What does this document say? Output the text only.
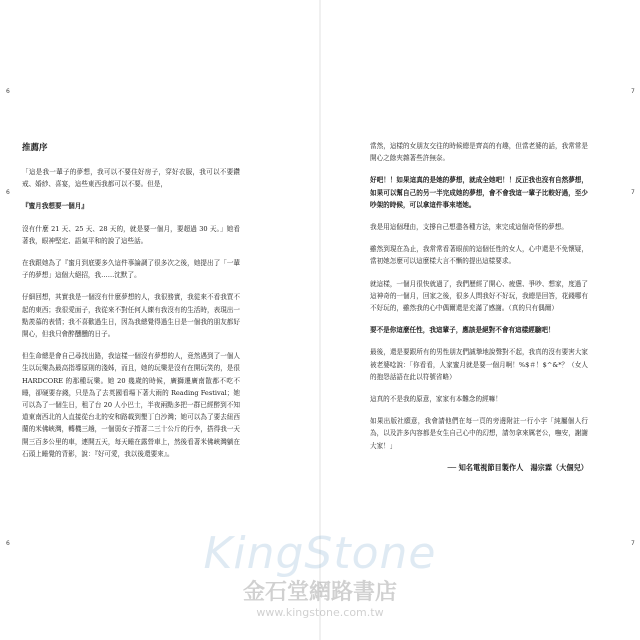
6
6
6
7
7
7
推薦序
「這是我一輩子的夢想，我可以不要住好房子，穿好衣服，我可以不要鑽戒、婚紗、喜宴，這些東西我都可以不要。但是，
『蜜月我想要一個月』
沒有什麼 21 天、25 天、28 天的，就是要一個月，要超過 30 天。」她看著我，眼神堅定、語氣平和的說了這些話。
在我跟她為了『蜜月到底要多久這件事論調了很多次之後，她提出了「一輩子的夢想」這個大絕招，我……沈默了。
仔細回想，其實我是一個沒有什麼夢想的人，我很務實，我從來不看我買不起的東西；我很愛面子，我從來不對任何人練有我沒有的生活時，表現出一點羨慕的表情；我不喜歡過生日，因為我總覺得過生日是一個我的朋友都好開心，但我只會醉醺醺的日子。
但生命總是會自己尋找出路，我這樣一個沒有夢想的人，竟然遇到了一個人生以玩樂為最高指導原則的淺姊，而且，她的玩樂是沒有在開玩笑的，是很 HARDCORE 的那種玩樂。她 20 幾歲的時候，廣獅遷廣南散都不吃不睡，卻硬要存錢，只是為了去英國看場下著大雨的 Reading Festival；她可以為了一個生日，租了台 20 人小巴士，半夜兩點多把一群已經醉到不知道東南西北的人直接從台北的安和路載到墾丁白沙灣；她可以為了要去紐西蘭的米佛峽灣，轉機三趟，一個弱女子揹著二三十公斤的行李，搭得我一天開三百多公里的車，連開五天，每天睡在露營車上，然後看著米佛峽灣躺在石頭上睡覺的背影，說：『好可愛，我以後還要來』。
當然，這樣的女朋友交往的時候總是齊高的有趣，但當老婆的話，我常常是開心之餘夾雜著些許無奈。
好吧！！如果這真的是她的夢想，就成全她吧！！反正我也沒有自然夢想，如果可以幫自己的另一半完成她的夢想，會不會我這一輩子比較好過，至少吵架的時候，可以拿這件事來堵她。
我是用這個理由，支撐自己想盡各種方法，來完成這個奇怪的夢想。
雖然到現在為止，我常常看著眼前的這個任性的女人，心中還是不免懷疑，當初她怎麼可以這麼樣大言不慚的提出這樣要求。
就這樣，一個月很快就過了，我們歷經了開心、疲憊、爭吵、想家，度過了這神奇的一個月，回家之後，很多人問我好不好玩，我總是回答，花錢哪有不好玩的，雖然我的心中偶爾還是充滿了感謝。（真的只有偶爾）
要不是你這麼任性，我這輩子，應該是絕對不會有這樣經驗吧！
最後，還是要跟所有的男性朋友們誠摯地說聲對不起，我真的沒有要害大家被老婆唸說：「你看看，人家蜜月就是要一個月啊！%$＃！$^&*？（女人的抱怨話語在此以符號省略）
這真的不是我的原意，家家有本難念的經嘛！
如果出版社願意，我會請他們在每一頁的旁邊附註一行小字「純屬個人行為，以及許多內容都是女生自己心中的幻想，請勿拿來厲老公，嘸安，謝謝大家！」
── 知名電視節目製作人　湯宗霖（大個兒）
KingStone
金石堂網路書店
www.kingstone.com.tw
